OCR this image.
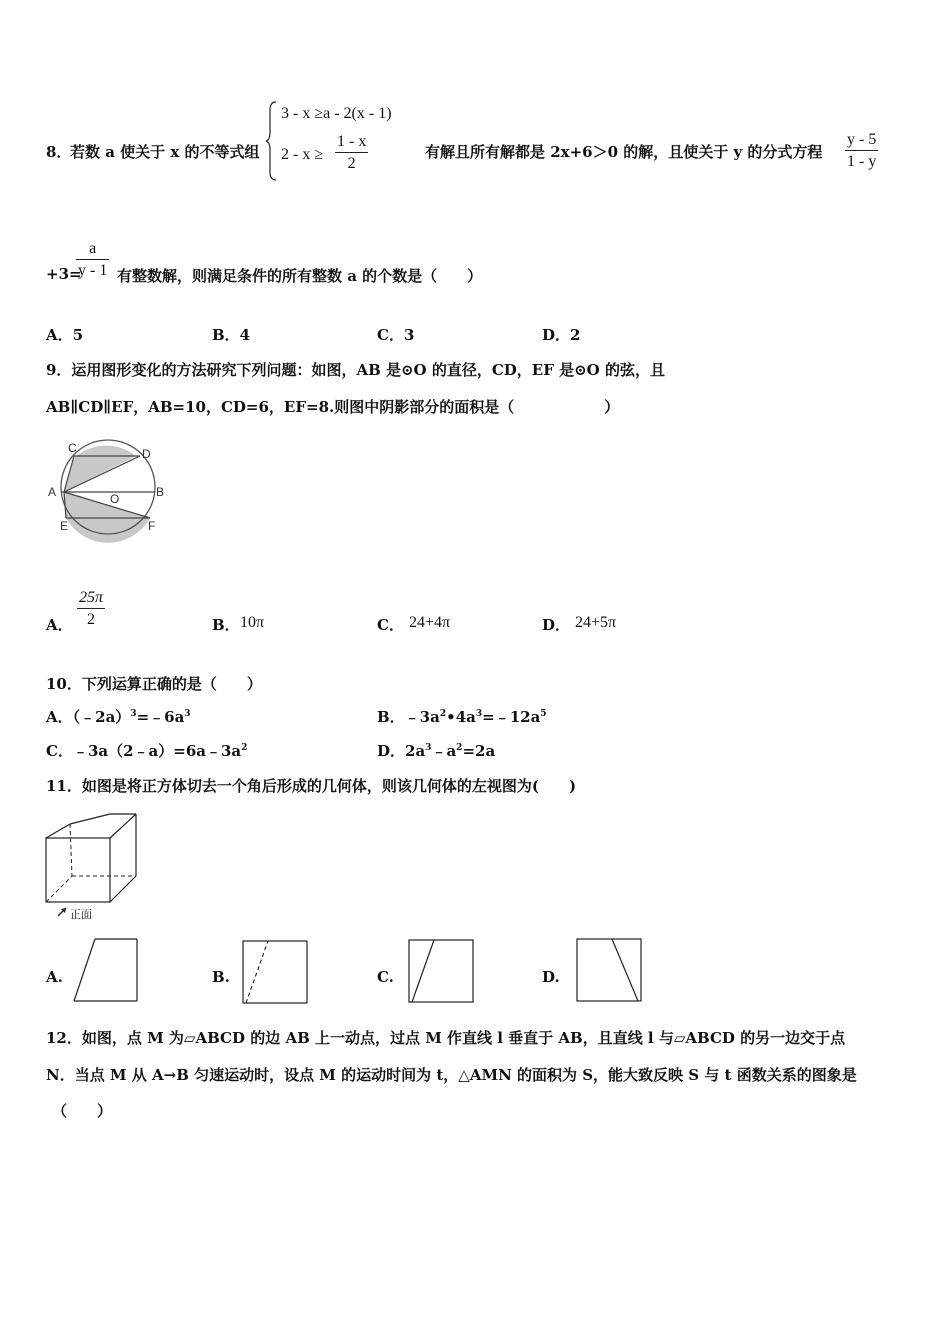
8．
若数 a 使关于 x 的不等式组
3 - x ≥a - 2(x - 1)
$2 - x \ge \frac{1 - x}{2}$	有解且所有解都是 2x+6＞0 的解，且使关于 y 的分式方程 $\frac{y - 5}{1 - y}$
+3=
$\frac{a}{y - 1}$ 有整数解，则满足条件的所有整数 a 的个数是（　　）
A．5	B．4	C．3	D．2
9．运用图形变化的方法研究下列问题：如图，AB 是⊙O 的直径，CD，EF 是⊙O 的弦，且
AB∥CD∥EF，AB=10，CD=6，EF=8.则图中阴影部分的面积是（　　　　　　）
C	D
A	O	B
E	F
A． $\frac{25\pi}{2}$	B． 10π	C． 24+4π	D． 24+5π
10．下列运算正确的是（　　）
A．$(﹣2a)^3=﹣6a^3$	B．$﹣3a^2•4a^3=﹣12a^5$
C．$﹣3a(2﹣a)=6a﹣3a^2$	D．$2a^3﹣a^2=2a$
11．如图是将正方体切去一个角后形成的几何体，则该几何体的左视图为(　　)
正面
A.	B.	C.	D.
12．如图，点 M 为▱ABCD 的边 AB 上一动点，过点 M 作直线 l 垂直于 AB，且直线 l 与▱ABCD 的另一边交于点
N．当点 M 从 A→B 匀速运动时，设点 M 的运动时间为 t，△AMN 的面积为 S，能大致反映 S 与 t 函数关系的图象是
（　　）
